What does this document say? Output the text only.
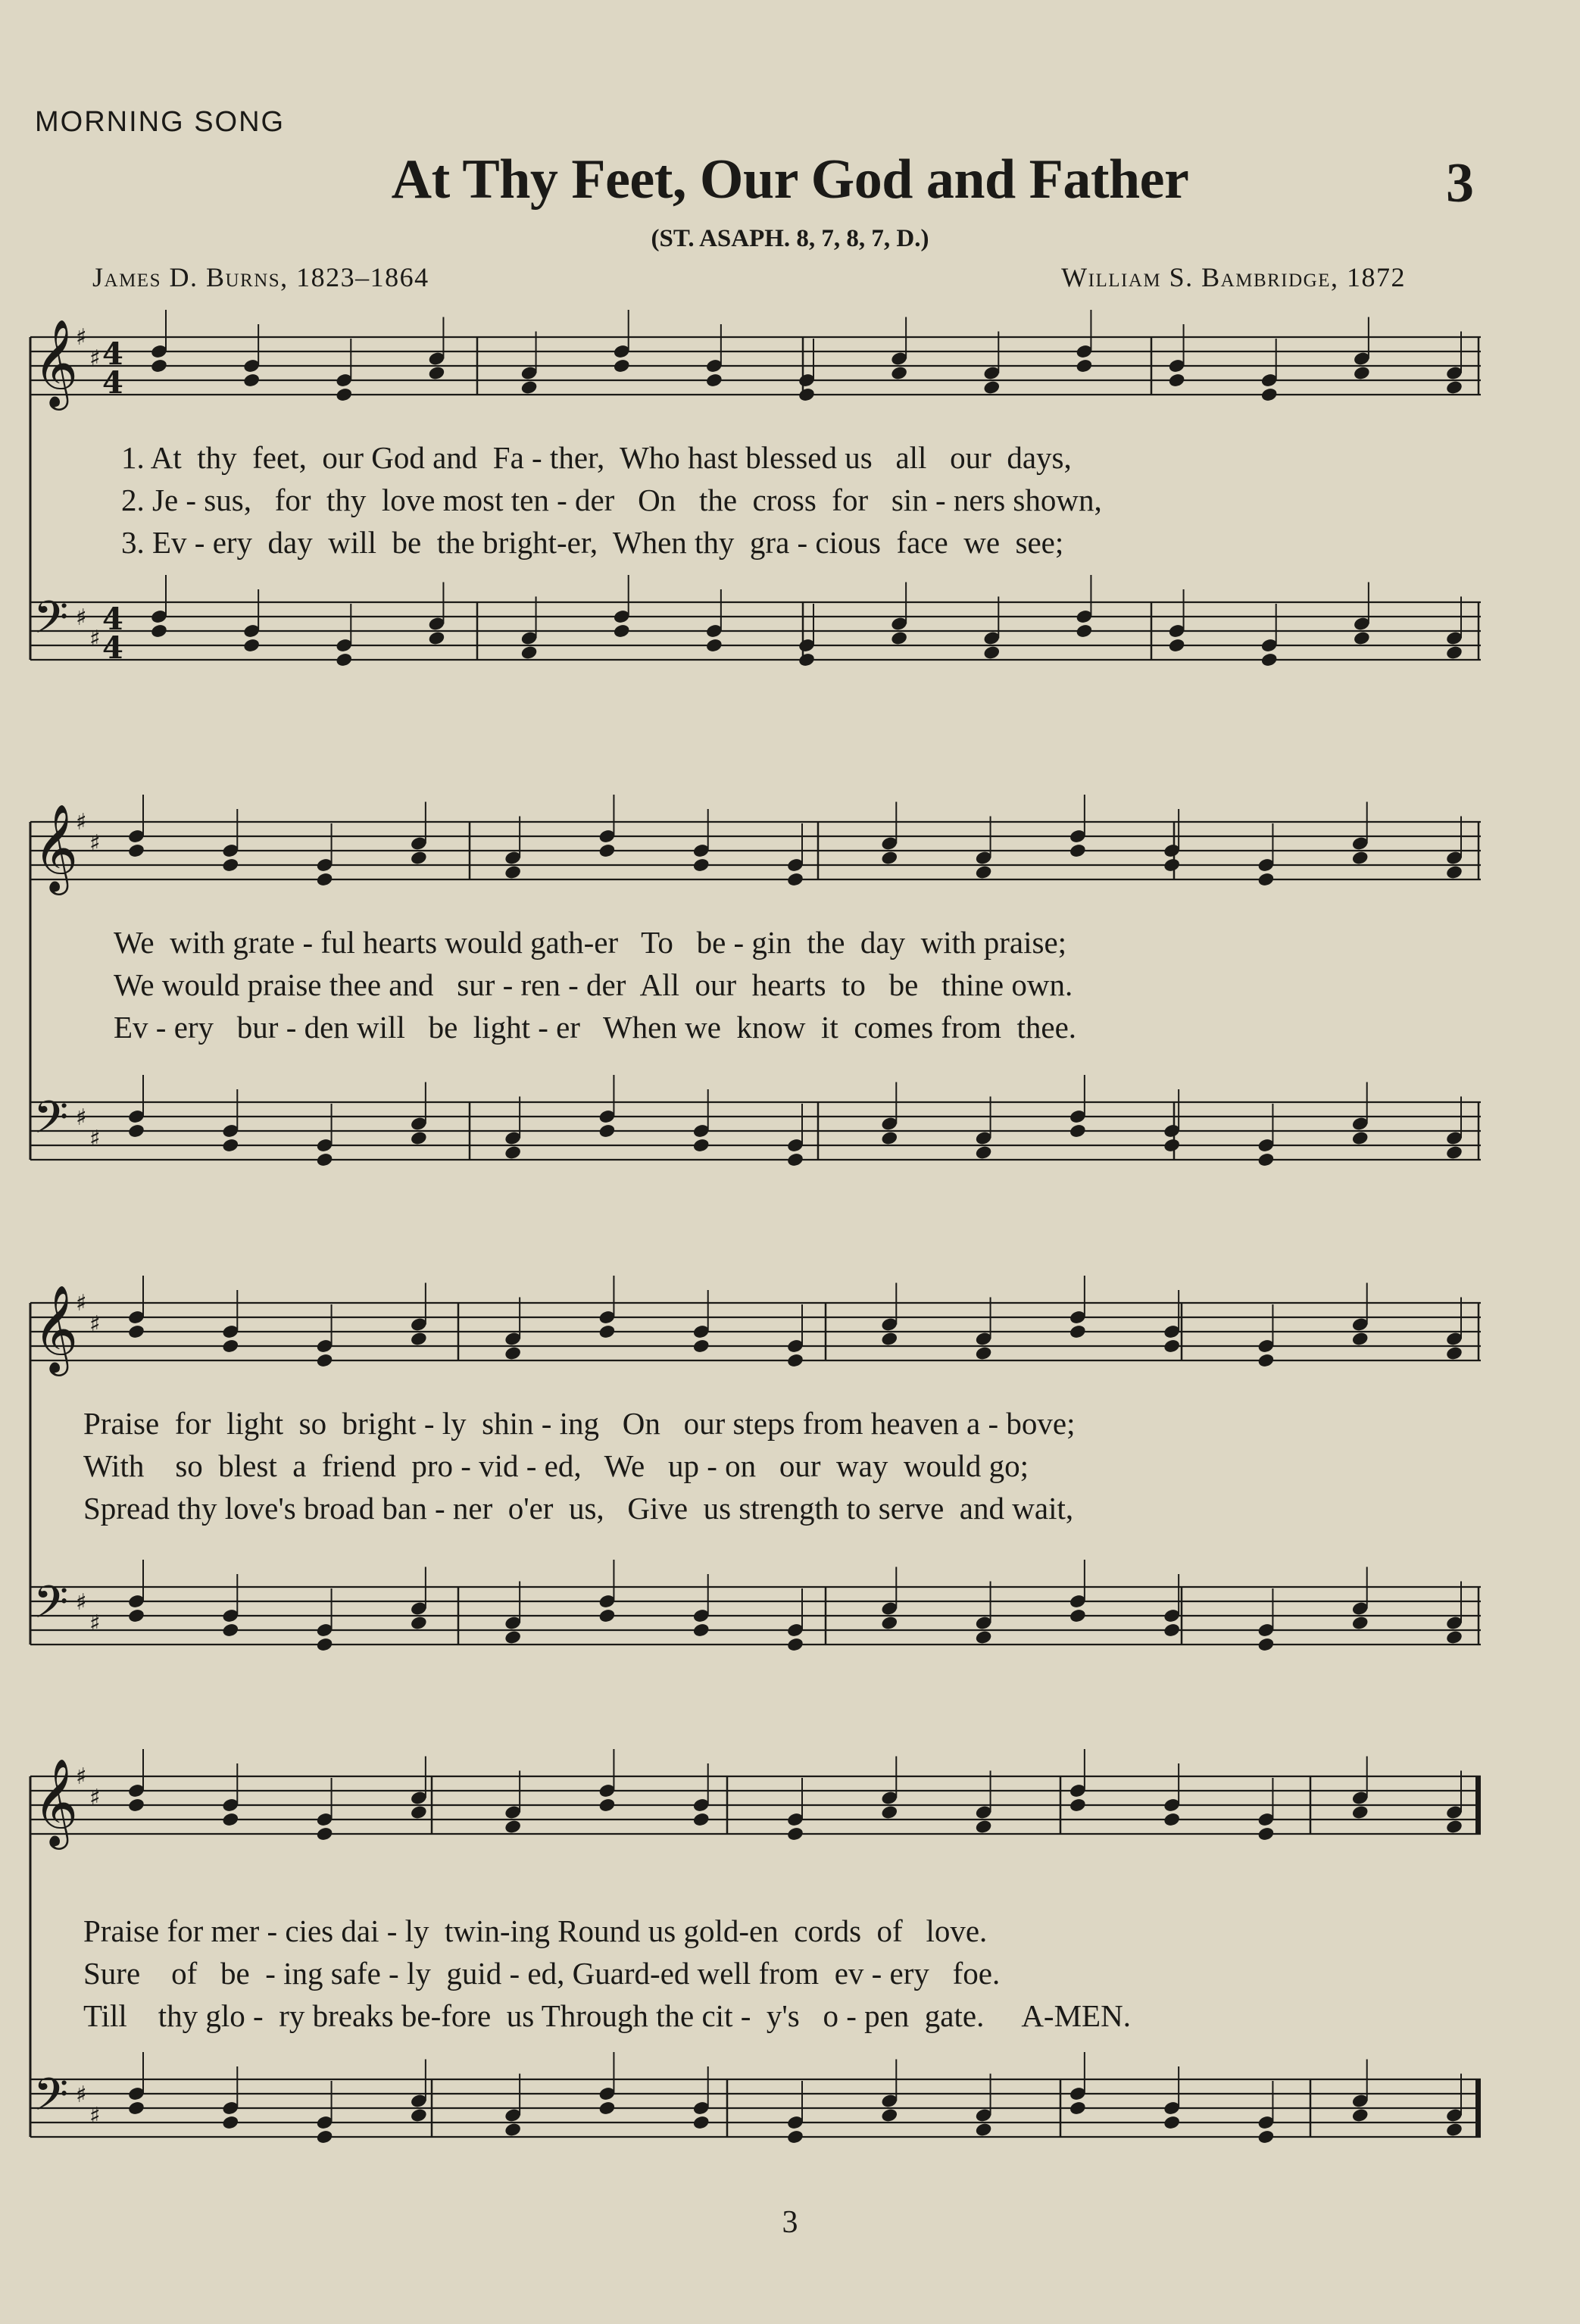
MORNING SONG
At Thy Feet, Our God and Father	3
(ST. ASAPH. 8, 7, 8, 7, D.)
James D. Burns, 1823–1864	William S. Bambridge, 1872
𝄞
♯
♯ 4
4
𝄢 ♯
♯
4
4
1. At  thy  feet,  our God and  Fa - ther,  Who hast blessed us   all   our  days,
2. Je - sus,   for  thy  love most ten - der   On   the  cross  for   sin - ners shown,
3. Ev - ery  day  will  be  the bright-er,  When thy  gra - cious  face  we  see;
𝄞
♯
♯
𝄢 ♯
♯
We  with grate - ful hearts would gath-er   To   be - gin  the  day  with praise;
We would praise thee and   sur - ren - der  All  our  hearts  to   be   thine own.
Ev - ery   bur - den will   be  light - er   When we  know  it  comes from  thee.
𝄞
♯
♯
𝄢 ♯
♯
Praise  for  light  so  bright - ly  shin - ing   On   our steps from heaven a - bove;
With    so  blest  a  friend  pro - vid - ed,   We   up - on   our  way  would go;
Spread thy love's broad ban - ner  o'er  us,   Give  us strength to serve  and wait,
𝄞
♯
♯
𝄢 ♯
♯
Praise for mer - cies dai - ly  twin-ing Round us gold-en  cords  of   love.
Sure    of   be  - ing safe - ly  guid - ed, Guard-ed well from  ev - ery   foe.
Till    thy glo -  ry breaks be-fore  us Through the cit -  y's   o - pen  gate.     A-MEN.
3
